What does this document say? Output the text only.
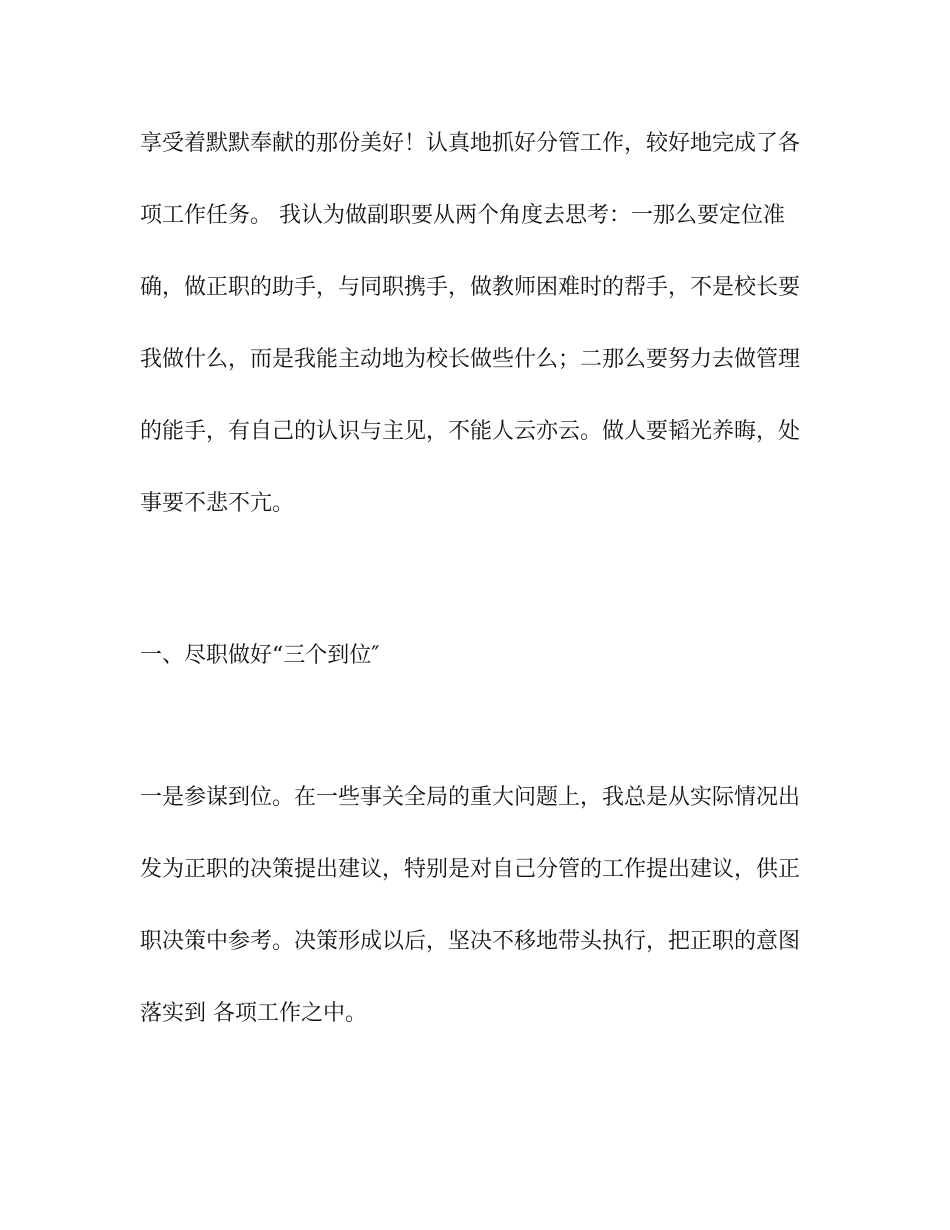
享受着默默奉献的那份美好！认真地抓好分管工作，较好地完成了各
项工作任务。 我认为做副职要从两个角度去思考：一那么要定位准
确，做正职的助手，与同职携手，做教师困难时的帮手，不是校长要
我做什么，而是我能主动地为校长做些什么；二那么要努力去做管理
的能手，有自己的认识与主见，不能人云亦云。做人要韬光养晦，处
事要不悲不亢。
一、尽职做好“三个到位″
一是参谋到位。在一些事关全局的重大问题上，我总是从实际情况出
发为正职的决策提出建议，特别是对自己分管的工作提出建议，供正
职决策中参考。决策形成以后，坚决不移地带头执行，把正职的意图
落实到 各项工作之中。
